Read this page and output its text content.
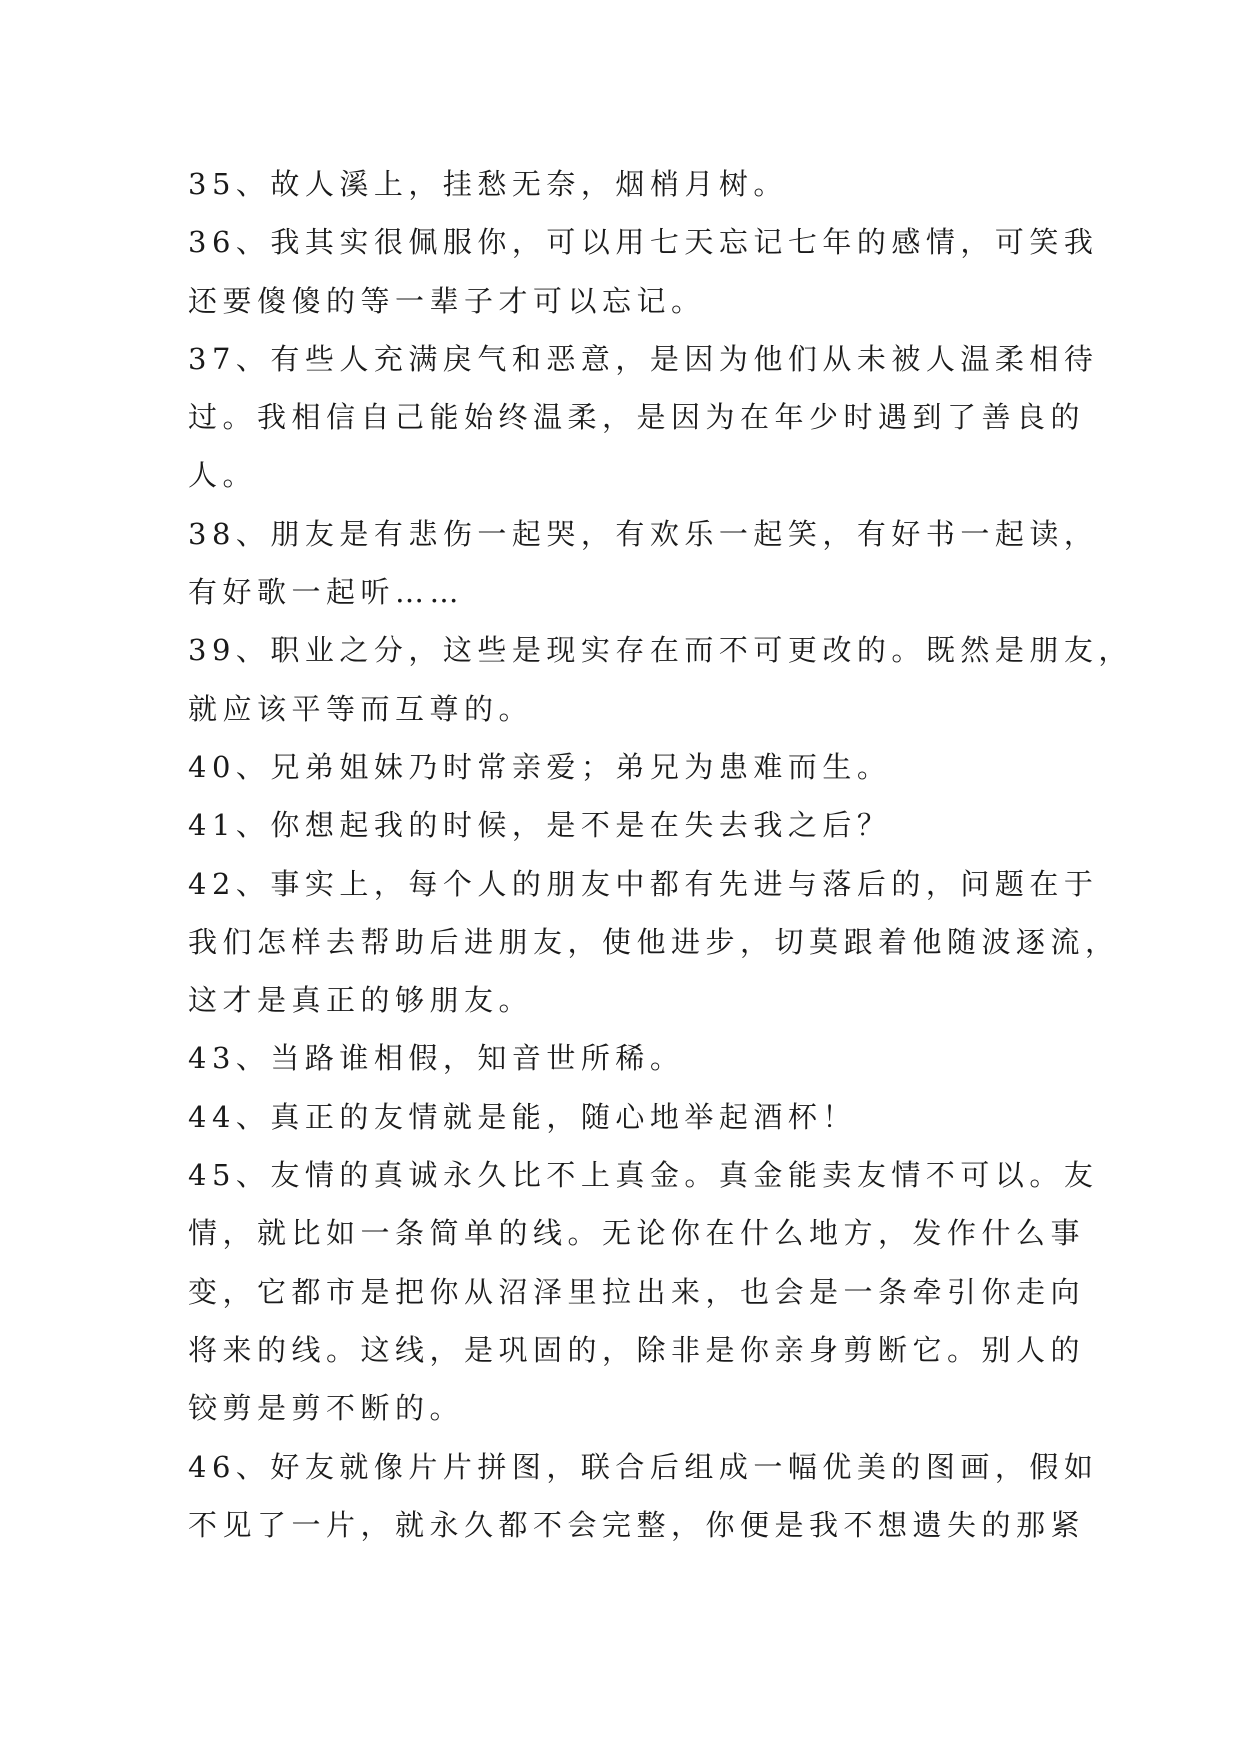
35、故人溪上，挂愁无奈，烟梢月树。
36、我其实很佩服你，可以用七天忘记七年的感情，可笑我
还要傻傻的等一辈子才可以忘记。
37、有些人充满戾气和恶意，是因为他们从未被人温柔相待
过。我相信自己能始终温柔，是因为在年少时遇到了善良的
人。
38、朋友是有悲伤一起哭，有欢乐一起笑，有好书一起读，
有好歌一起听……
39、职业之分，这些是现实存在而不可更改的。既然是朋友，
就应该平等而互尊的。
40、兄弟姐妹乃时常亲爱；弟兄为患难而生。
41、你想起我的时候，是不是在失去我之后？
42、事实上，每个人的朋友中都有先进与落后的，问题在于
我们怎样去帮助后进朋友，使他进步，切莫跟着他随波逐流，
这才是真正的够朋友。
43、当路谁相假，知音世所稀。
44、真正的友情就是能，随心地举起酒杯！
45、友情的真诚永久比不上真金。真金能卖友情不可以。友
情，就比如一条简单的线。无论你在什么地方，发作什么事
变，它都市是把你从沼泽里拉出来，也会是一条牵引你走向
将来的线。这线，是巩固的，除非是你亲身剪断它。别人的
铰剪是剪不断的。
46、好友就像片片拼图，联合后组成一幅优美的图画，假如
不见了一片，就永久都不会完整，你便是我不想遗失的那紧
